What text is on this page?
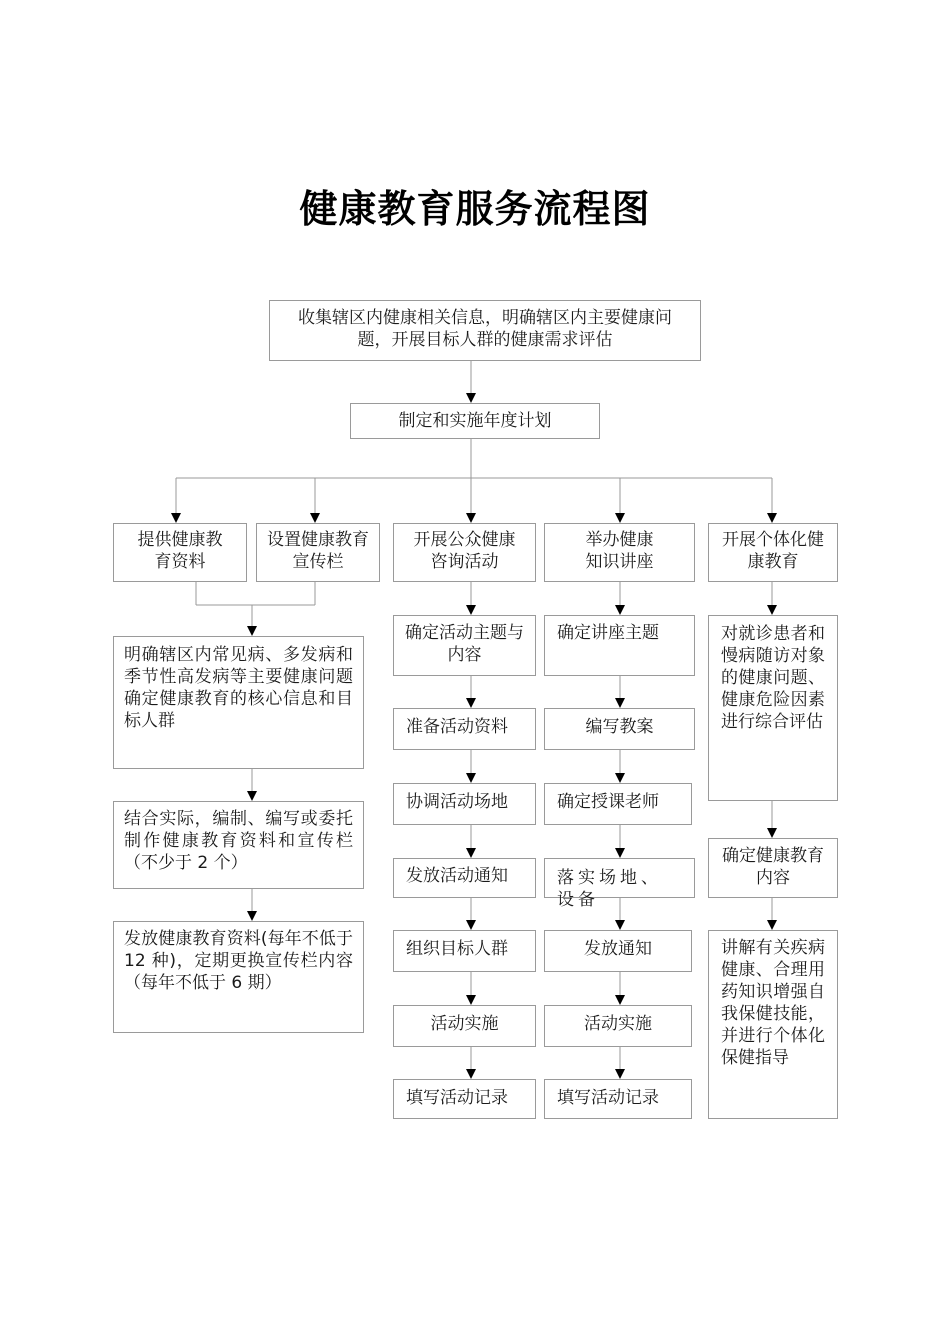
健康教育服务流程图
收集辖区内健康相关信息，明确辖区内主要健康问题，开展目标人群的健康需求评估
制定和实施年度计划
提供健康教育资料
设置健康教育宣传栏
开展公众健康咨询活动
举办健康知识讲座
开展个体化健康教育
明确辖区内常见病、多发病和季节性高发病等主要健康问题确定健康教育的核心信息和目标人群
结合实际，编制、编写或委托制作健康教育资料和宣传栏（不少于 2 个）
发放健康教育资料(每年不低于 12 种)，定期更换宣传栏内容（每年不低于 6 期）
确定活动主题与内容
准备活动资料
协调活动场地
发放活动通知
组织目标人群
活动实施
填写活动记录
确定讲座主题
编写教案
确定授课老师
落实场地、设备
发放通知
活动实施
填写活动记录
对就诊患者和慢病随访对象的健康问题、健康危险因素进行综合评估
确定健康教育内容
讲解有关疾病健康、合理用药知识增强自我保健技能，并进行个体化保健指导
